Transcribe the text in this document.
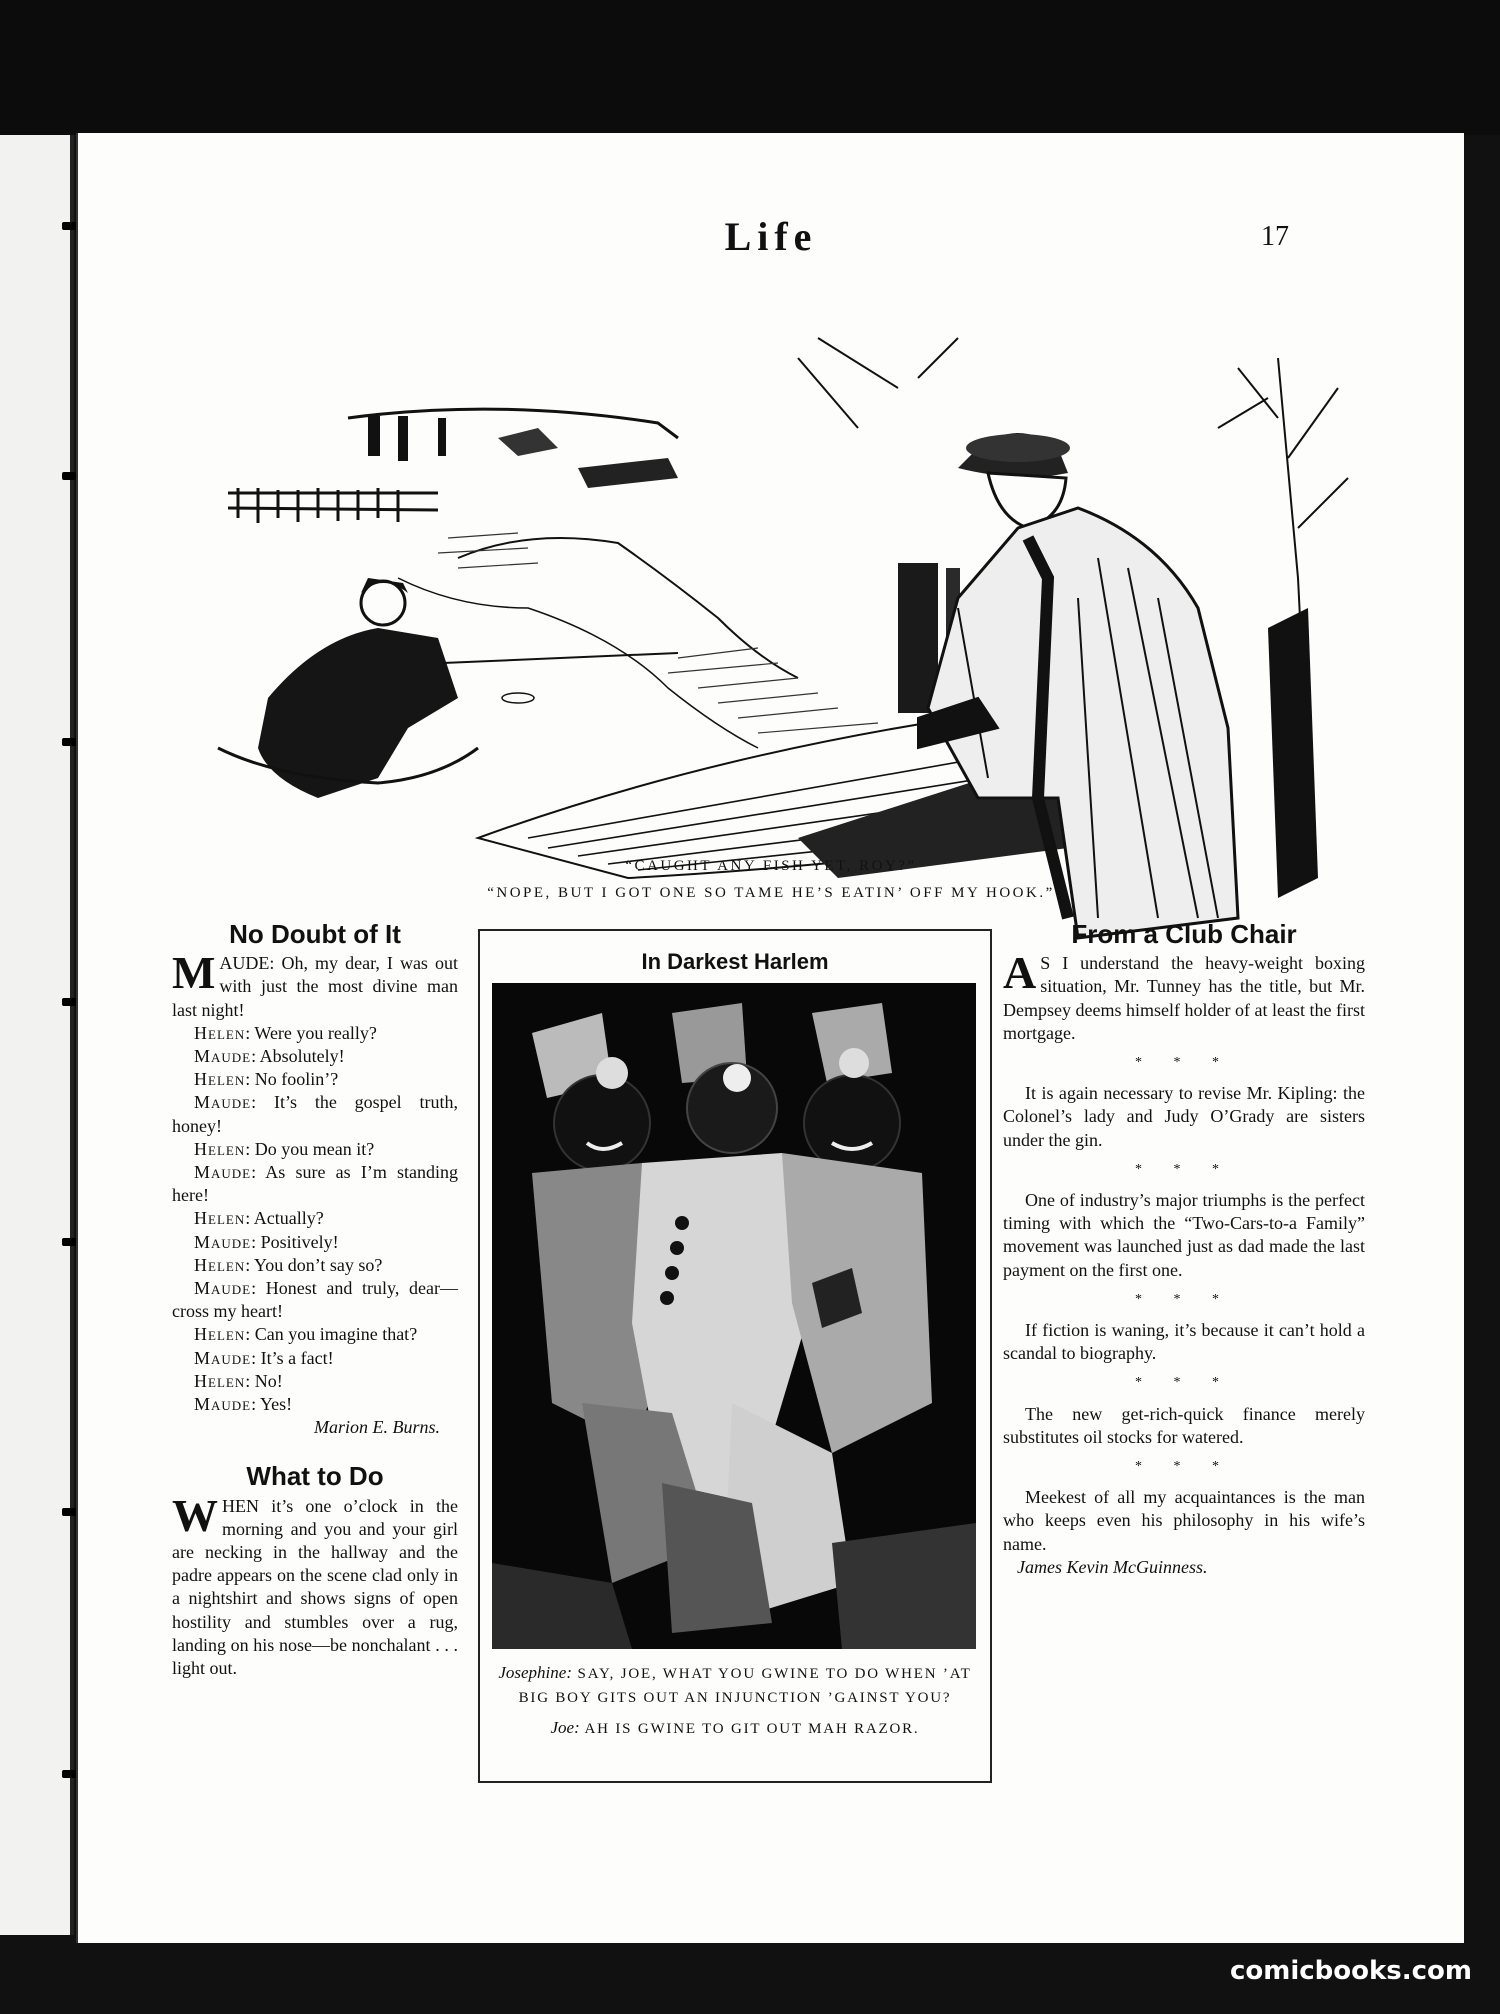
Life	17
“CAUGHT ANY FISH YET, ROY?”
“NOPE, BUT I GOT ONE SO TAME HE’S EATIN’ OFF MY HOOK.”
No Doubt of It
MAUDE: Oh, my dear, I was out with just the most divine man last night!

Helen: Were you really?

Maude: Absolutely!

Helen: No foolin’?

Maude: It’s the gospel truth, honey!

Helen: Do you mean it?

Maude: As sure as I’m standing here!

Helen: Actually?

Maude: Positively!

Helen: You don’t say so?

Maude: Honest and truly, dear—cross my heart!

Helen: Can you imagine that?

Maude: It’s a fact!

Helen: No!

Maude: Yes!

Marion E. Burns.

What to Do
WHEN it’s one o’clock in the morning and you and your girl are necking in the hallway and the padre appears on the scene clad only in a nightshirt and shows signs of open hostility and stumbles over a rug, landing on his nose—be nonchalant . . . light out.
In Darkest Harlem

Josephine: SAY, JOE, WHAT YOU GWINE TO DO WHEN ’AT BIG BOY GITS OUT AN INJUNCTION ’GAINST YOU?

Joe: AH IS GWINE TO GIT OUT MAH RAZOR.

From a Club Chair
A S I understand the heavy-weight boxing situation, Mr. Tunney has the title, but Mr. Dempsey deems himself holder of at least the first mortgage.
* * *

It is again necessary to revise Mr. Kipling: the Colonel’s lady and Judy O’Grady are sisters under the gin.

* * *

One of industry’s major triumphs is the perfect timing with which the “Two-Cars-to-a Family” movement was launched just as dad made the last payment on the first one.

* * *

If fiction is waning, it’s because it can’t hold a scandal to biography.

* * *

The new get-rich-quick finance merely substitutes oil stocks for watered.

* * *

Meekest of all my acquaintances is the man who keeps even his philosophy in his wife’s name.

James Kevin McGuinness.

comicbooks.com
